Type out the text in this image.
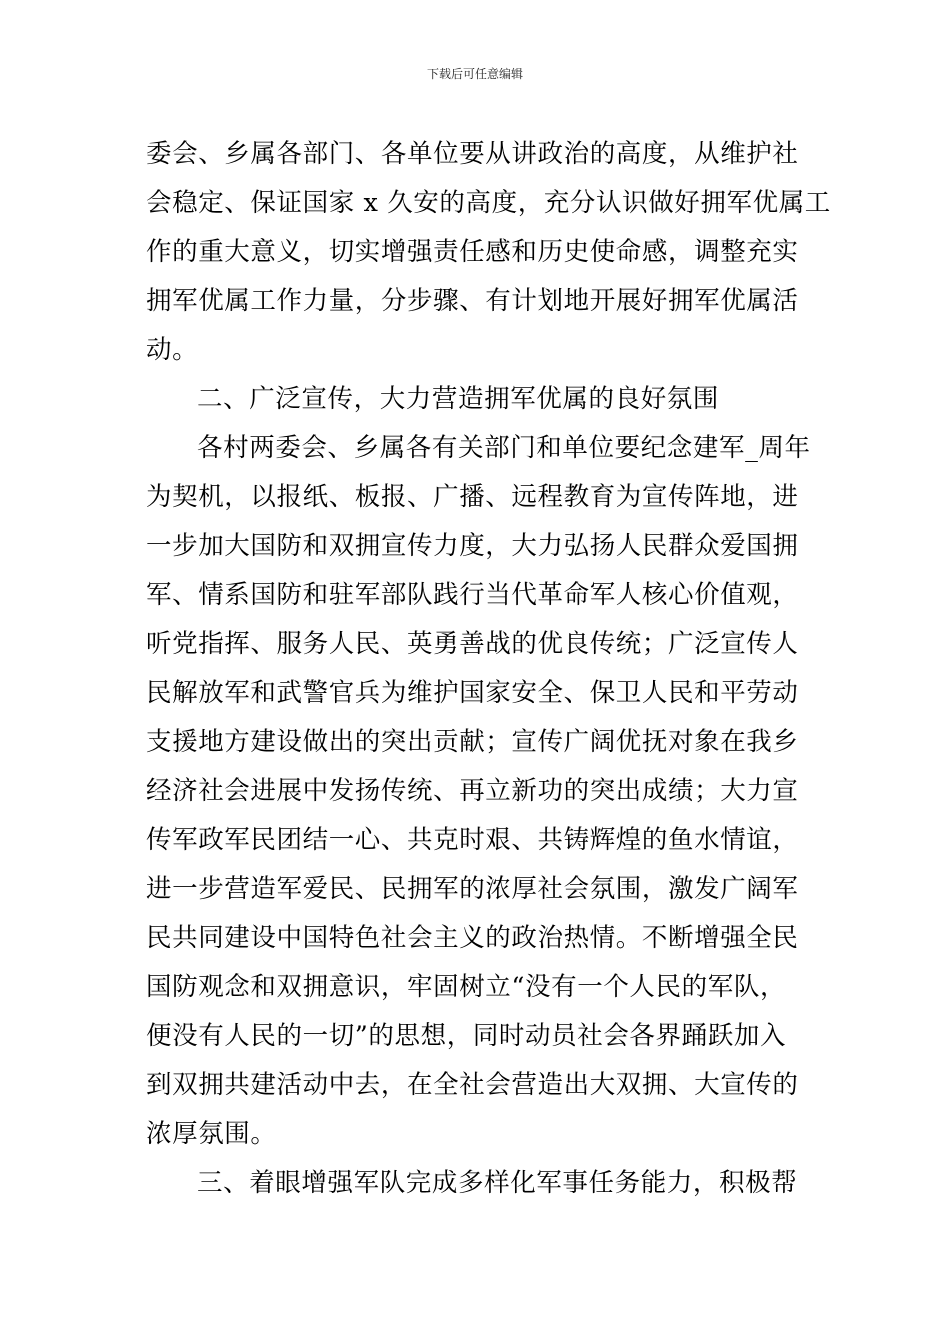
下载后可任意编辑
委会、乡属各部门、各单位要从讲政治的高度，从维护社
会稳定、保证国家 x 久安的高度，充分认识做好拥军优属工
作的重大意义，切实增强责任感和历史使命感，调整充实
拥军优属工作力量，分步骤、有计划地开展好拥军优属活
动。
二、广泛宣传，大力营造拥军优属的良好氛围
各村两委会、乡属各有关部门和单位要纪念建军_周年
为契机，以报纸、板报、广播、远程教育为宣传阵地，进
一步加大国防和双拥宣传力度，大力弘扬人民群众爱国拥
军、情系国防和驻军部队践行当代革命军人核心价值观，
听党指挥、服务人民、英勇善战的优良传统；广泛宣传人
民解放军和武警官兵为维护国家安全、保卫人民和平劳动
支援地方建设做出的突出贡献；宣传广阔优抚对象在我乡
经济社会进展中发扬传统、再立新功的突出成绩；大力宣
传军政军民团结一心、共克时艰、共铸辉煌的鱼水情谊，
进一步营造军爱民、民拥军的浓厚社会氛围，激发广阔军
民共同建设中国特色社会主义的政治热情。不断增强全民
国防观念和双拥意识，牢固树立“没有一个人民的军队，
便没有人民的一切”的思想，同时动员社会各界踊跃加入
到双拥共建活动中去，在全社会营造出大双拥、大宣传的
浓厚氛围。
三、着眼增强军队完成多样化军事任务能力，积极帮
